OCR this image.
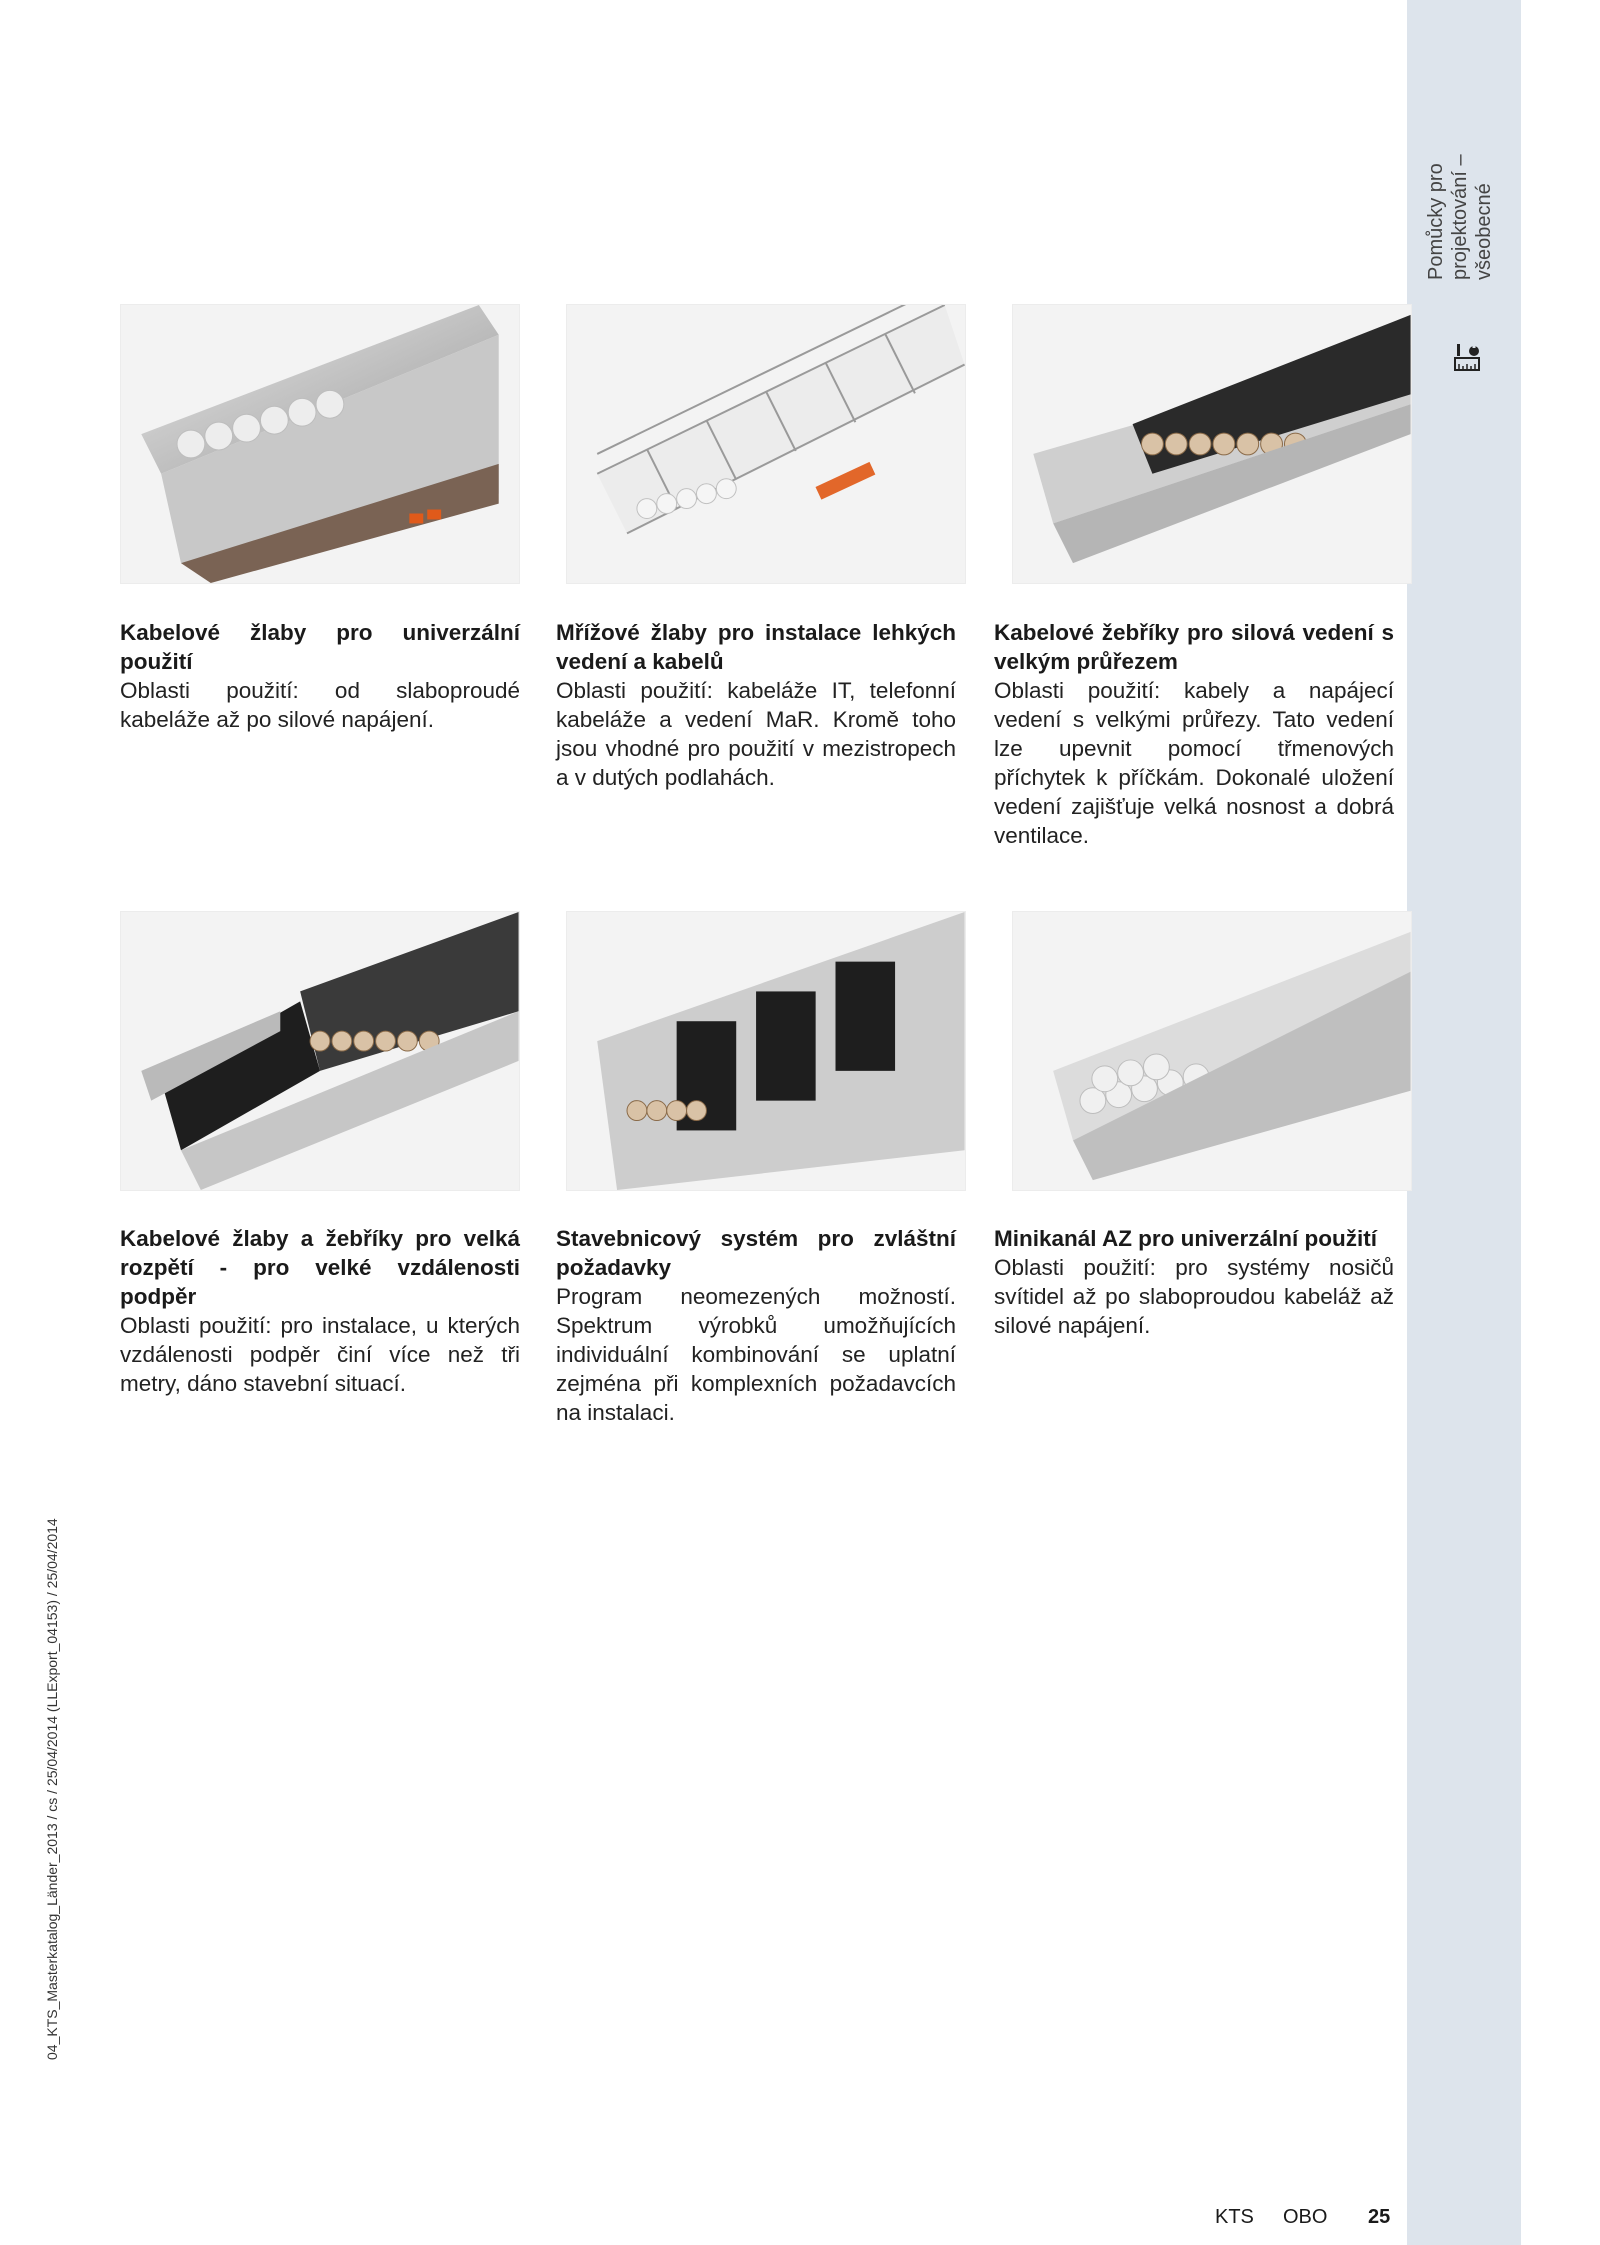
Pomůcky pro projektování – všeobecné
Kabelové žlaby pro univerzální použití
Oblasti použití: od slaboproudé kabeláže až po silové napájení.
Mřížové žlaby pro instalace lehkých vedení a kabelů
Oblasti použití: kabeláže IT, telefonní kabeláže a vedení MaR. Kromě toho jsou vhodné pro použití v mezistropech a v dutých podlahách.
Kabelové žebříky pro silová vedení s velkým průřezem
Oblasti použití: kabely a napájecí vedení s velkými průřezy. Tato vedení lze upevnit pomocí třmenových příchytek k příčkám. Dokonalé uložení vedení zajišťuje velká nosnost a dobrá ventilace.
Kabelové žlaby a žebříky pro velká rozpětí - pro velké vzdálenosti podpěr
Oblasti použití: pro instalace, u kterých vzdálenosti podpěr činí více než tři metry, dáno stavební situací.
Stavebnicový systém pro zvláštní požadavky
Program neomezených možností. Spektrum výrobků umožňujících individuální kombinování se uplatní zejména při komplexních požadavcích na instalaci.
Minikanál AZ pro univerzální použití
Oblasti použití: pro systémy nosičů svítidel až po slaboproudou kabeláž až silové napájení.
04_KTS_Masterkatalog_Länder_2013 / cs / 25/04/2014 (LLExport_04153) / 25/04/2014
KTS OBO 25
